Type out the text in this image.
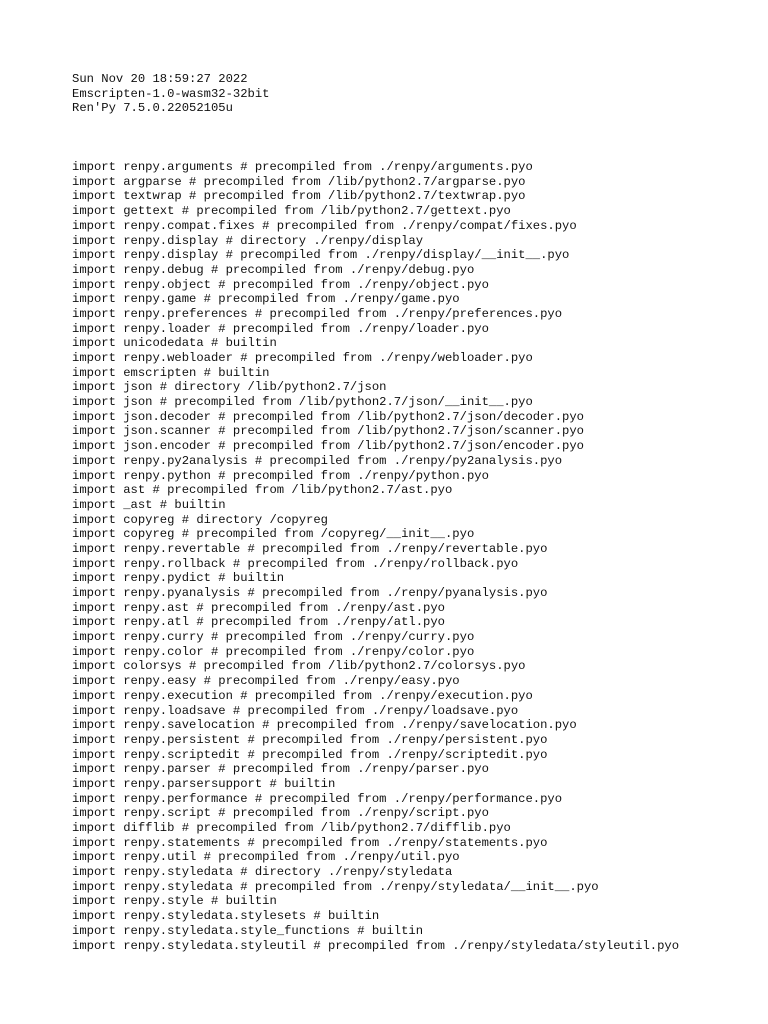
Sun Nov 20 18:59:27 2022
Emscripten-1.0-wasm32-32bit
Ren'Py 7.5.0.22052105u
import renpy.arguments # precompiled from ./renpy/arguments.pyo
import argparse # precompiled from /lib/python2.7/argparse.pyo
import textwrap # precompiled from /lib/python2.7/textwrap.pyo
import gettext # precompiled from /lib/python2.7/gettext.pyo
import renpy.compat.fixes # precompiled from ./renpy/compat/fixes.pyo
import renpy.display # directory ./renpy/display
import renpy.display # precompiled from ./renpy/display/__init__.pyo
import renpy.debug # precompiled from ./renpy/debug.pyo
import renpy.object # precompiled from ./renpy/object.pyo
import renpy.game # precompiled from ./renpy/game.pyo
import renpy.preferences # precompiled from ./renpy/preferences.pyo
import renpy.loader # precompiled from ./renpy/loader.pyo
import unicodedata # builtin
import renpy.webloader # precompiled from ./renpy/webloader.pyo
import emscripten # builtin
import json # directory /lib/python2.7/json
import json # precompiled from /lib/python2.7/json/__init__.pyo
import json.decoder # precompiled from /lib/python2.7/json/decoder.pyo
import json.scanner # precompiled from /lib/python2.7/json/scanner.pyo
import json.encoder # precompiled from /lib/python2.7/json/encoder.pyo
import renpy.py2analysis # precompiled from ./renpy/py2analysis.pyo
import renpy.python # precompiled from ./renpy/python.pyo
import ast # precompiled from /lib/python2.7/ast.pyo
import _ast # builtin
import copyreg # directory /copyreg
import copyreg # precompiled from /copyreg/__init__.pyo
import renpy.revertable # precompiled from ./renpy/revertable.pyo
import renpy.rollback # precompiled from ./renpy/rollback.pyo
import renpy.pydict # builtin
import renpy.pyanalysis # precompiled from ./renpy/pyanalysis.pyo
import renpy.ast # precompiled from ./renpy/ast.pyo
import renpy.atl # precompiled from ./renpy/atl.pyo
import renpy.curry # precompiled from ./renpy/curry.pyo
import renpy.color # precompiled from ./renpy/color.pyo
import colorsys # precompiled from /lib/python2.7/colorsys.pyo
import renpy.easy # precompiled from ./renpy/easy.pyo
import renpy.execution # precompiled from ./renpy/execution.pyo
import renpy.loadsave # precompiled from ./renpy/loadsave.pyo
import renpy.savelocation # precompiled from ./renpy/savelocation.pyo
import renpy.persistent # precompiled from ./renpy/persistent.pyo
import renpy.scriptedit # precompiled from ./renpy/scriptedit.pyo
import renpy.parser # precompiled from ./renpy/parser.pyo
import renpy.parsersupport # builtin
import renpy.performance # precompiled from ./renpy/performance.pyo
import renpy.script # precompiled from ./renpy/script.pyo
import difflib # precompiled from /lib/python2.7/difflib.pyo
import renpy.statements # precompiled from ./renpy/statements.pyo
import renpy.util # precompiled from ./renpy/util.pyo
import renpy.styledata # directory ./renpy/styledata
import renpy.styledata # precompiled from ./renpy/styledata/__init__.pyo
import renpy.style # builtin
import renpy.styledata.stylesets # builtin
import renpy.styledata.style_functions # builtin
import renpy.styledata.styleutil # precompiled from ./renpy/styledata/styleutil.pyo
